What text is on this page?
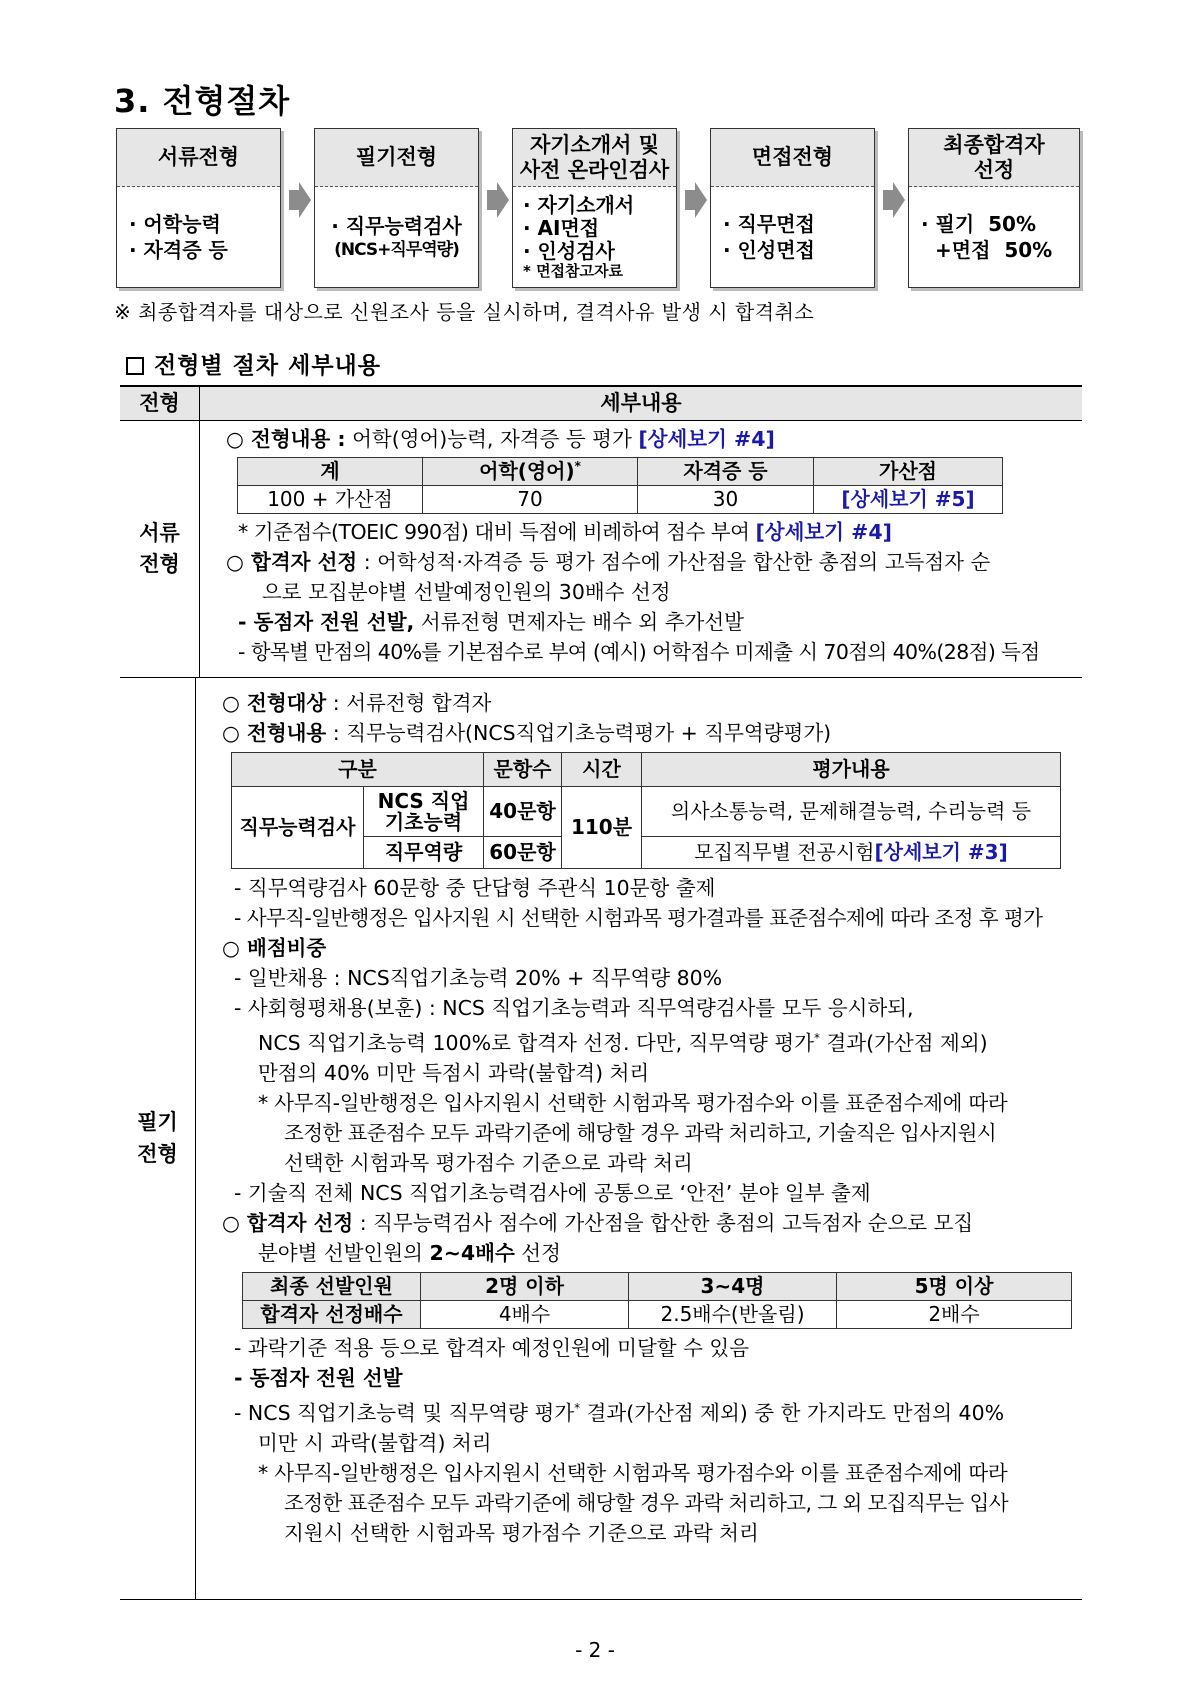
3. 전형절차
서류전형
· 어학능력
· 자격증 등
필기전형
· 직무능력검사
(NCS+직무역량)
자기소개서 및
사전 온라인검사
· 자기소개서
· AI면접
· 인성검사
* 면접참고자료
면접전형
· 직무면접
· 인성면접
최종합격자
선정
· 필기  50%
+면접  50%
※ 최종합격자를 대상으로 신원조사 등을 실시하며, 결격사유 발생 시 합격취소
전형별 절차 세부내용
전형	세부내용
서류
전형
○ 전형내용 : 어학(영어)능력, 자격증 등 평가 [상세보기 #4]
계	어학(영어)*	자격증 등	가산점
100 + 가산점	70	30	[상세보기 #5]
* 기준점수(TOEIC 990점) 대비 득점에 비례하여 점수 부여 [상세보기 #4]
○ 합격자 선정 : 어학성적·자격증 등 평가 점수에 가산점을 합산한 총점의 고득점자 순
으로 모집분야별 선발예정인원의 30배수 선정
- 동점자 전원 선발, 서류전형 면제자는 배수 외 추가선발
- 항목별 만점의 40%를 기본점수로 부여 (예시) 어학점수 미제출 시 70점의 40%(28점) 득점
필기
전형
○ 전형대상 : 서류전형 합격자
○ 전형내용 : 직무능력검사(NCS직업기초능력평가 + 직무역량평가)
구분		문항수	시간	평가내용
직무능력검사	NCS 직업
기초능력	40문항	110분	의사소통능력, 문제해결능력, 수리능력 등
	직무역량	60문항		모집직무별 전공시험[상세보기 #3]
- 직무역량검사 60문항 중 단답형 주관식 10문항 출제
- 사무직-일반행정은 입사지원 시 선택한 시험과목 평가결과를 표준점수제에 따라 조정 후 평가
○ 배점비중
- 일반채용 : NCS직업기초능력 20% + 직무역량 80%
- 사회형평채용(보훈) : NCS 직업기초능력과 직무역량검사를 모두 응시하되,
NCS 직업기초능력 100%로 합격자 선정. 다만, 직무역량 평가* 결과(가산점 제외)
만점의 40% 미만 득점시 과락(불합격) 처리
* 사무직-일반행정은 입사지원시 선택한 시험과목 평가점수와 이를 표준점수제에 따라
조정한 표준점수 모두 과락기준에 해당할 경우 과락 처리하고, 기술직은 입사지원시
선택한 시험과목 평가점수 기준으로 과락 처리
- 기술직 전체 NCS 직업기초능력검사에 공통으로 ‘안전’ 분야 일부 출제
○ 합격자 선정 : 직무능력검사 점수에 가산점을 합산한 총점의 고득점자 순으로 모집
분야별 선발인원의 2∼4배수 선정
최종 선발인원	2명 이하	3∼4명	5명 이상
합격자 선정배수	4배수	2.5배수(반올림)	2배수
- 과락기준 적용 등으로 합격자 예정인원에 미달할 수 있음
- 동점자 전원 선발
- NCS 직업기초능력 및 직무역량 평가* 결과(가산점 제외) 중 한 가지라도 만점의 40%
미만 시 과락(불합격) 처리
* 사무직-일반행정은 입사지원시 선택한 시험과목 평가점수와 이를 표준점수제에 따라
조정한 표준점수 모두 과락기준에 해당할 경우 과락 처리하고, 그 외 모집직무는 입사
지원시 선택한 시험과목 평가점수 기준으로 과락 처리
- 2 -
